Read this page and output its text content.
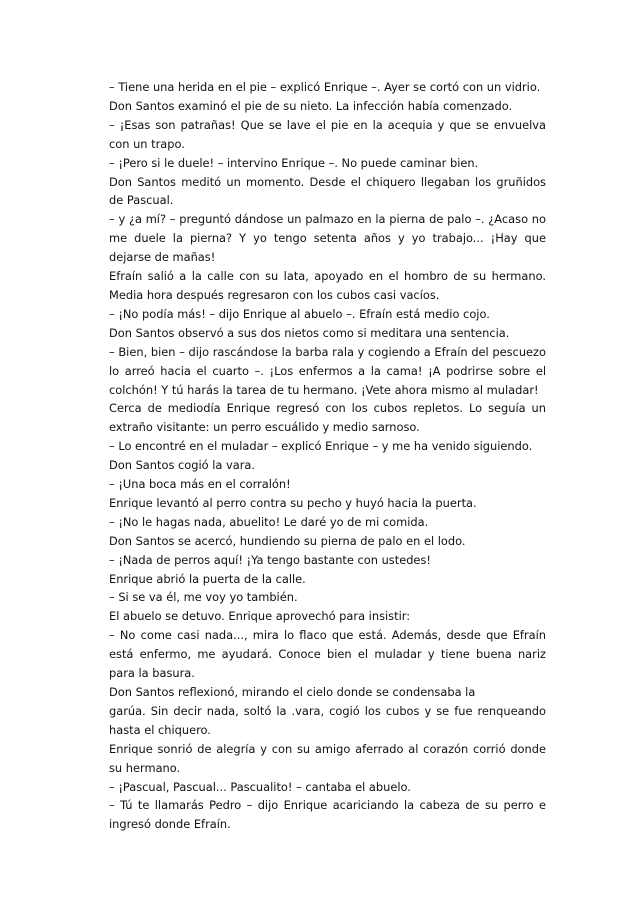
– Tiene una herida en el pie – explicó Enrique –. Ayer se cortó con un vidrio.

Don Santos examinó el pie de su nieto. La infección había comenzado.

– ¡Esas son patrañas! Que se lave el pie en la acequia y que se envuelva con un trapo.

– ¡Pero si le duele! – intervino Enrique –. No puede caminar bien.

Don Santos meditó un momento. Desde el chiquero llegaban los gruñidos de Pascual.

– y ¿a mí? – preguntó dándose un palmazo en la pierna de palo –. ¿Acaso no me duele la pierna? Y yo tengo setenta años y yo trabajo... ¡Hay que dejarse de mañas!

Efraín salió a la calle con su lata, apoyado en el hombro de su hermano. Media hora después regresaron con los cubos casi vacíos.

– ¡No podía más! – dijo Enrique al abuelo –. Efraín está medio cojo.

Don Santos observó a sus dos nietos como si meditara una sentencia.

– Bien, bien – dijo rascándose la barba rala y cogiendo a Efraín del pescuezo lo arreó hacia el cuarto –. ¡Los enfermos a la cama! ¡A podrirse sobre el colchón! Y tú harás la tarea de tu hermano. ¡Vete ahora mismo al muladar!

Cerca de mediodía Enrique regresó con los cubos repletos. Lo seguía un extraño visitante: un perro escuálido y medio sarnoso.

– Lo encontré en el muladar – explicó Enrique – y me ha venido siguiendo.

Don Santos cogió la vara.

– ¡Una boca más en el corralón!

Enrique levantó al perro contra su pecho y huyó hacia la puerta.

– ¡No le hagas nada, abuelito! Le daré yo de mi comida.

Don Santos se acercó, hundiendo su pierna de palo en el lodo.

– ¡Nada de perros aquí! ¡Ya tengo bastante con ustedes!

Enrique abrió la puerta de la calle.

– Si se va él, me voy yo también.

El abuelo se detuvo. Enrique aprovechó para insistir:

– No come casi nada..., mira lo flaco que está. Además, desde que Efraín está enfermo, me ayudará. Conoce bien el muladar y tiene buena nariz para la basura.

Don Santos reflexionó, mirando el cielo donde se condensaba la

garúa. Sin decir nada, soltó la .vara, cogió los cubos y se fue renqueando hasta el chiquero.

Enrique sonrió de alegría y con su amigo aferrado al corazón corrió donde su hermano.

– ¡Pascual, Pascual... Pascualito! – cantaba el abuelo.

– Tú te llamarás Pedro – dijo Enrique acariciando la cabeza de su perro e ingresó donde Efraín.
